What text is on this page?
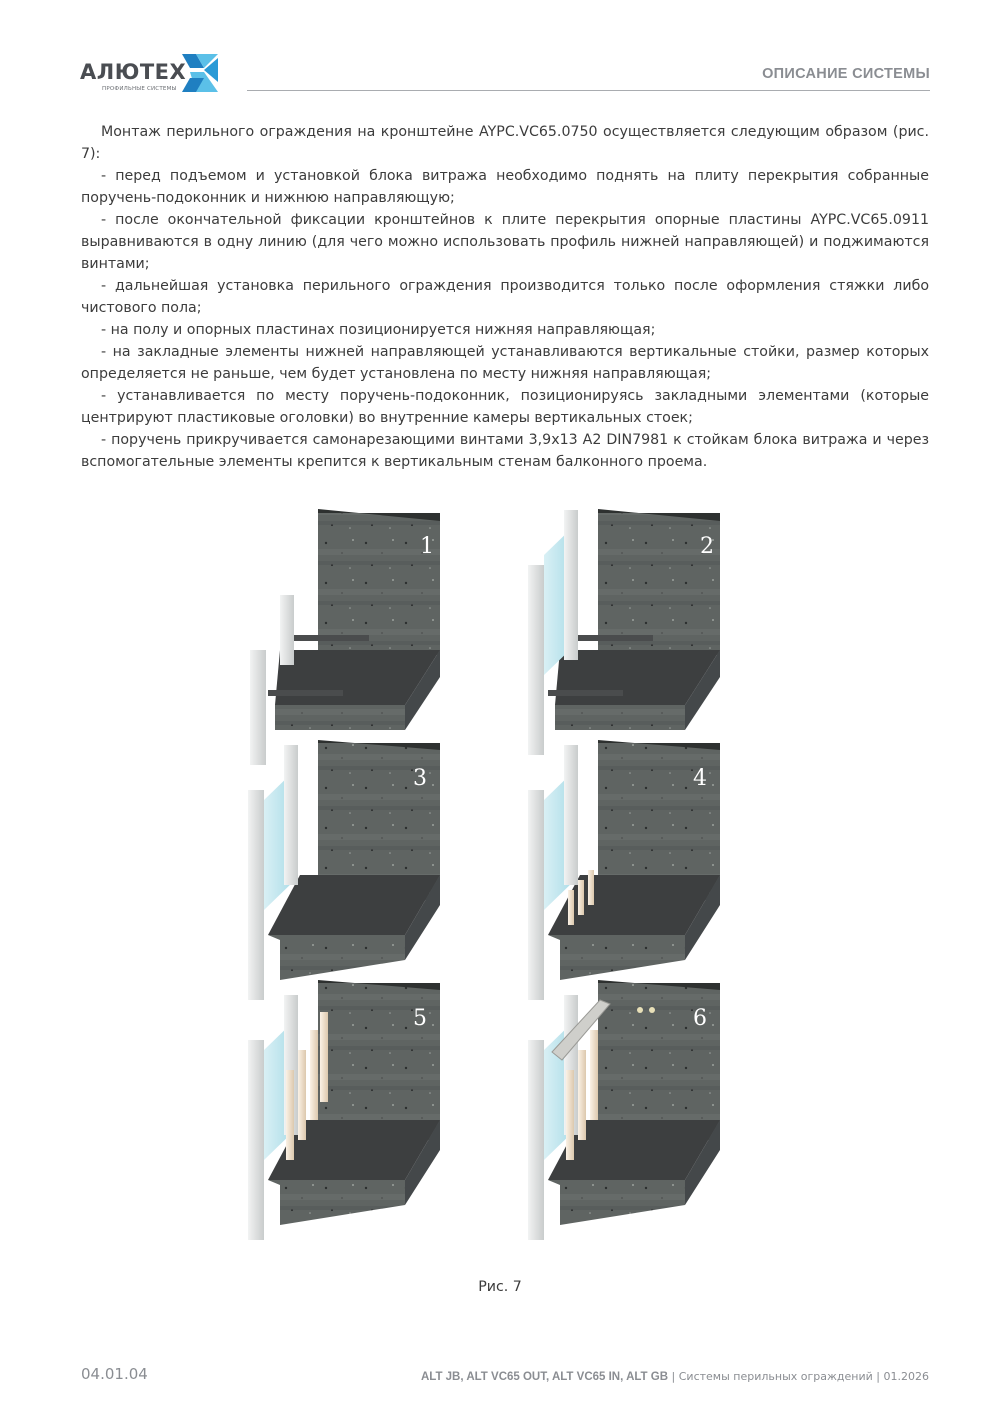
АЛЮТЕХ
ПРОФИЛЬНЫЕ СИСТЕМЫ
ОПИСАНИЕ СИСТЕМЫ

Монтаж перильного ограждения на кронштейне AYPC.VC65.0750 осуществляется следующим образом (рис. 7):

- перед подъемом и установкой блока витража необходимо поднять на плиту перекрытия собранные поручень-подоконник и нижнюю направляющую;

- после окончательной фиксации кронштейнов к плите перекрытия опорные пластины AYPC.VC65.0911 выравниваются в одну линию (для чего можно использовать профиль нижней направляющей) и поджимаются винтами;

- дальнейшая установка перильного ограждения производится только после оформления стяжки либо чистового пола;

- на полу и опорных пластинах позиционируется нижняя направляющая;

- на закладные элементы нижней направляющей устанавливаются вертикальные стойки, размер которых определяется не раньше, чем будет установлена по месту нижняя направляющая;

- устанавливается по месту поручень-подоконник, позиционируясь закладными элементами (которые центрируют пластиковые оголовки) во внутренние камеры вертикальных стоек;

- поручень прикручивается самонарезающими винтами 3,9x13 A2 DIN7981 к стойкам блока витража и через вспомогательные элементы крепится к вертикальным стенам балконного проема.

1	2
3	4
5	6
Рис. 7
04.01.04	ALT JB, ALT VC65 OUT, ALT VC65 IN, ALT GB | Системы перильных ограждений | 01.2026
